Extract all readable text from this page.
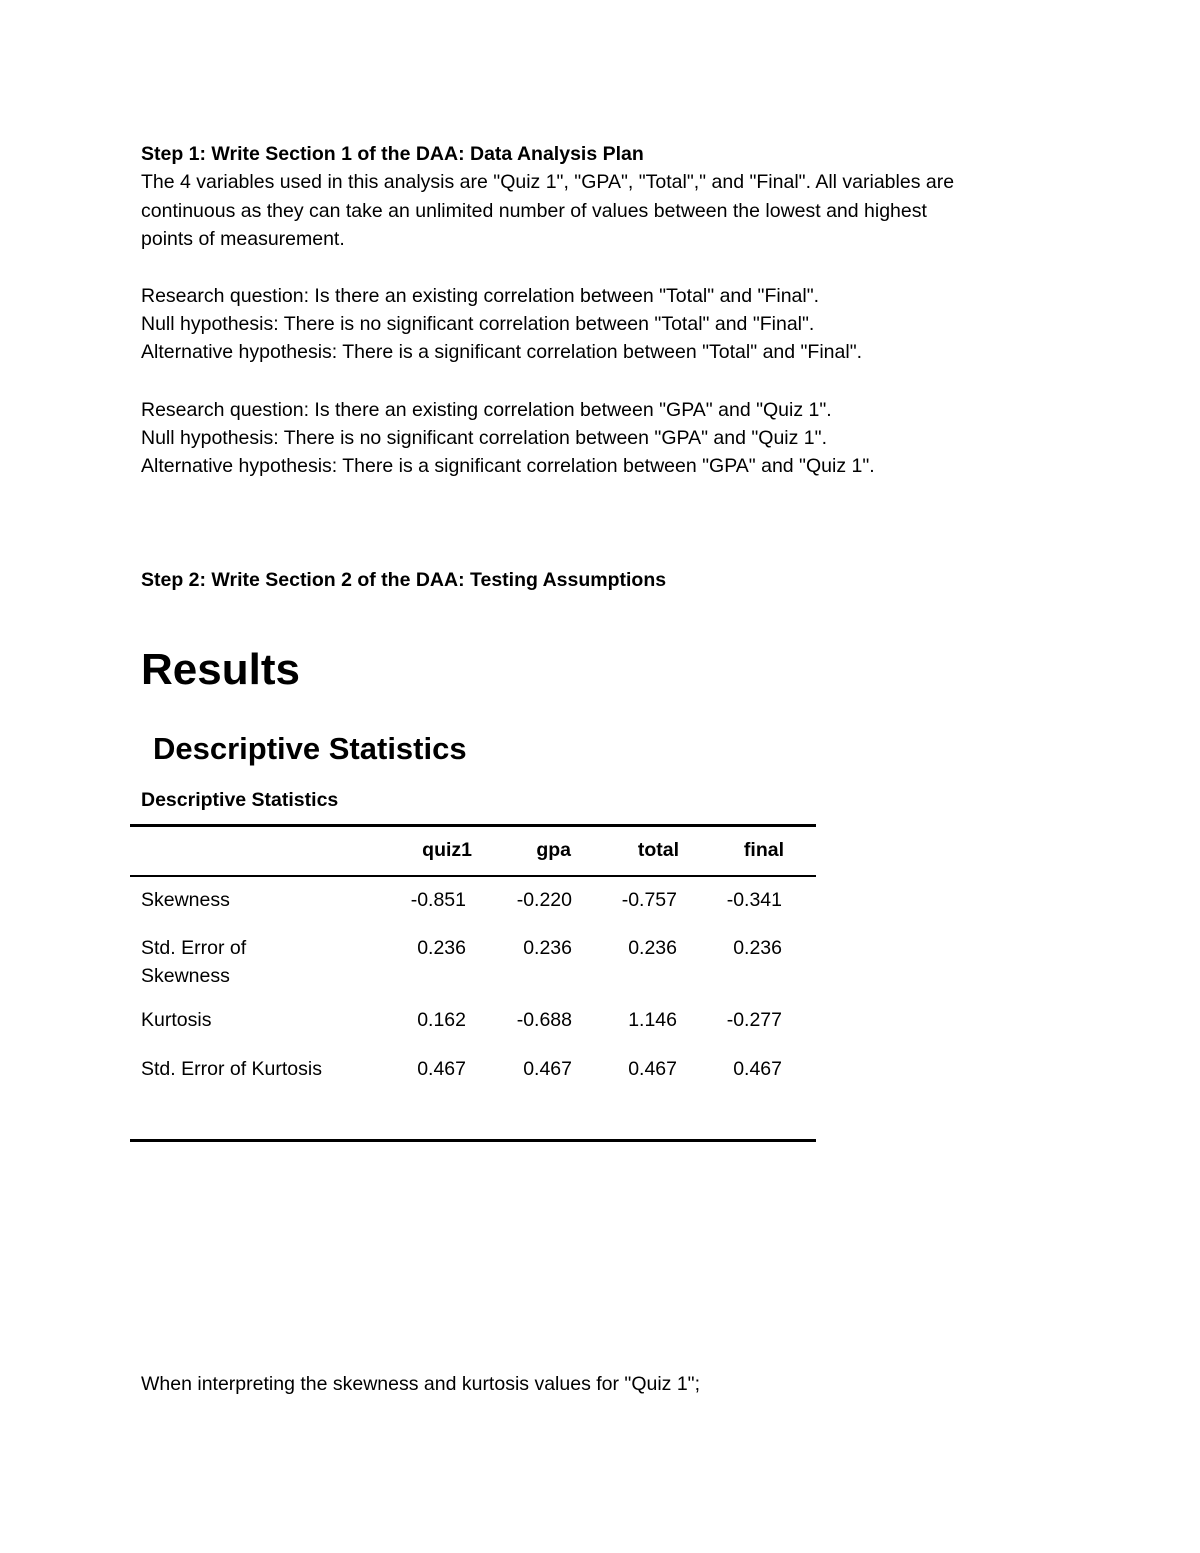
Step 1: Write Section 1 of the DAA: Data Analysis Plan
The 4 variables used in this analysis are "Quiz 1", "GPA", "Total"," and "Final". All variables are
continuous as they can take an unlimited number of values between the lowest and highest
points of measurement.
Research question: Is there an existing correlation between "Total" and "Final".
Null hypothesis: There is no significant correlation between "Total" and "Final".
Alternative hypothesis: There is a significant correlation between "Total" and "Final".
Research question: Is there an existing correlation between "GPA" and "Quiz 1".
Null hypothesis: There is no significant correlation between "GPA" and "Quiz 1".
Alternative hypothesis: There is a significant correlation between "GPA" and "Quiz 1".
Step 2: Write Section 2 of the DAA: Testing Assumptions
Results
Descriptive Statistics
Descriptive Statistics
quiz1	gpa	total	final
Skewness	-0.851	-0.220	-0.757	-0.341
Std. Error of
Skewness
0.236	0.236	0.236	0.236
Kurtosis	0.162	-0.688	1.146	-0.277
Std. Error of Kurtosis	0.467	0.467	0.467	0.467
When interpreting the skewness and kurtosis values for "Quiz 1";
